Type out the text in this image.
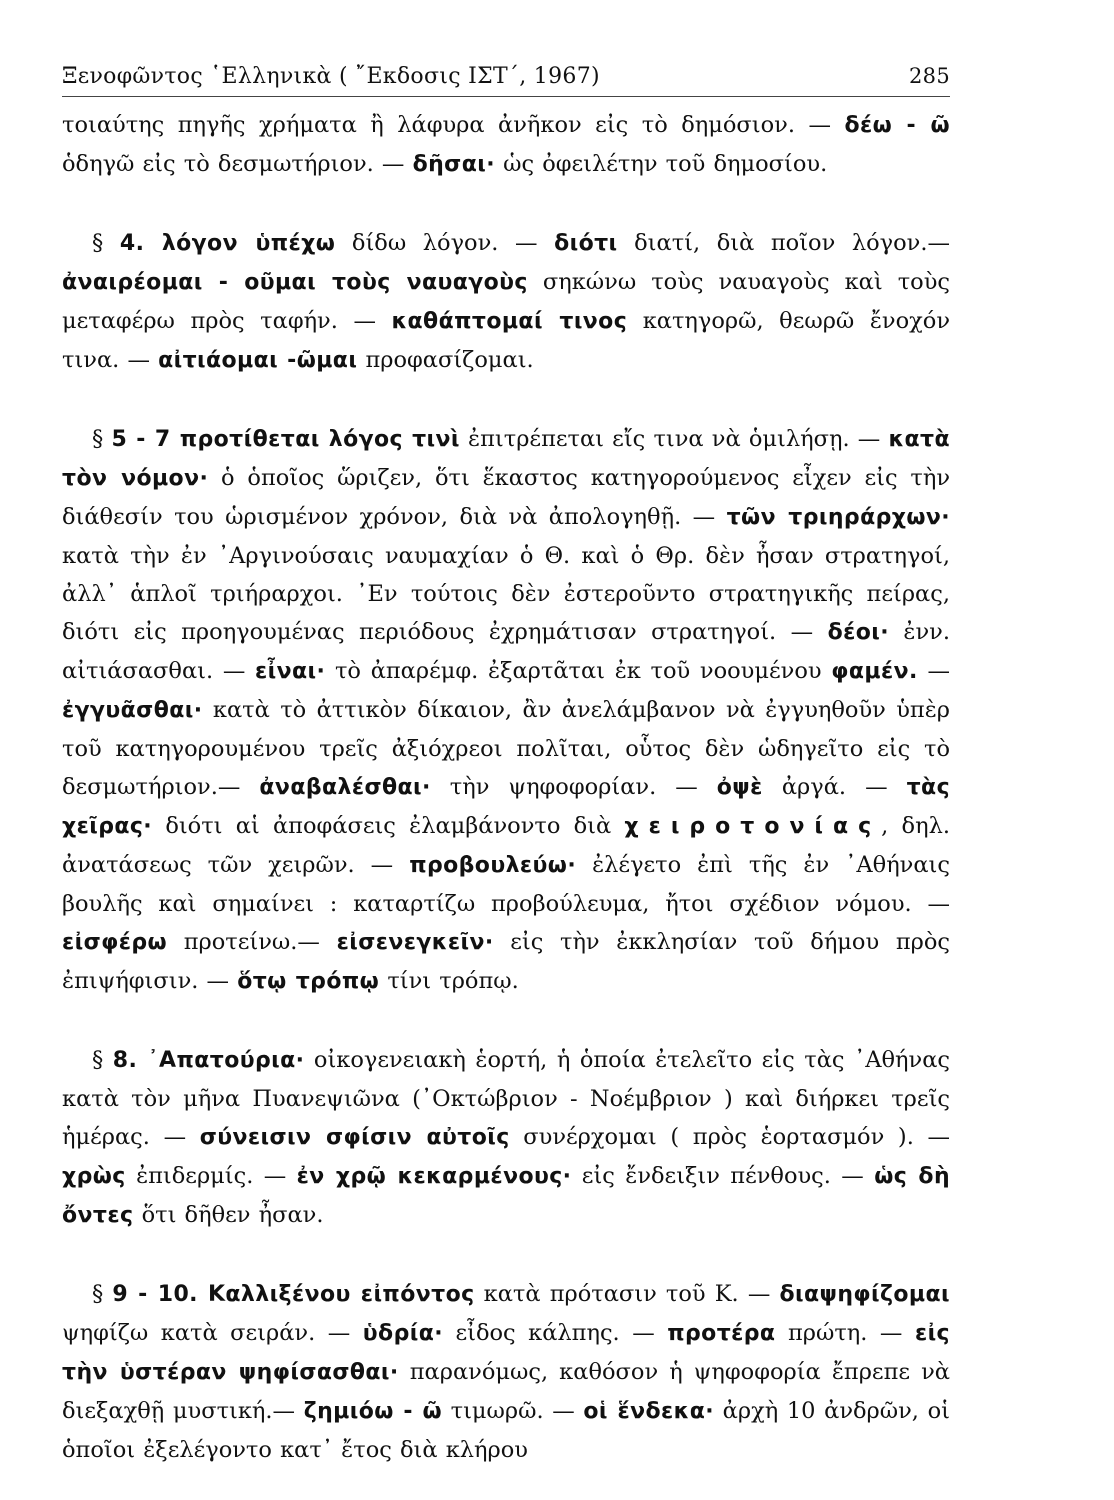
Ξενοφῶντος ῾Ελληνικὰ ( ῎Εκδοσις ΙΣΤ΄, 1967)	285

τοιαύτης πηγῆς χρήματα ἢ λάφυρα ἀνῆκον εἰς τὸ δημόσιον. — δέω - ῶ ὁδηγῶ εἰς τὸ δεσμωτήριον. — δῆσαι· ὡς ὀφειλέτην τοῦ δημοσίου.

§ 4. λόγον ὑπέχω δίδω λόγον. — διότι διατί, διὰ ποῖον λόγον.—ἀναιρέομαι - οῦμαι τοὺς ναυαγοὺς σηκώνω τοὺς ναυαγοὺς καὶ τοὺς μεταφέρω πρὸς ταφήν. — καθάπτομαί τινος κατηγορῶ, θεωρῶ ἔνοχόν τινα. — αἰτιάομαι -ῶμαι προφασίζομαι.

§ 5 - 7 προτίθεται λόγος τινὶ ἐπιτρέπεται εἴς τινα νὰ ὁμιλήσῃ. — κατὰ τὸν νόμον· ὁ ὁποῖος ὥριζεν, ὅτι ἕκαστος κατηγορούμενος εἶχεν εἰς τὴν διάθεσίν του ὡρισμένον χρόνον, διὰ νὰ ἀπολογηθῇ. — τῶν τριηράρχων· κατὰ τὴν ἐν ᾽Αργινούσαις ναυμαχίαν ὁ Θ. καὶ ὁ Θρ. δὲν ἦσαν στρατηγοί, ἀλλ᾽ ἁπλοῖ τριήραρχοι. ᾽Εν τούτοις δὲν ἐστεροῦντο στρατηγικῆς πείρας, διότι εἰς προηγουμένας περιόδους ἐχρημάτισαν στρατηγοί. — δέοι· ἐνν. αἰτιάσασθαι. — εἶναι· τὸ ἀπαρέμφ. ἐξαρτᾶται ἐκ τοῦ νοουμένου φαμέν. — ἐγγυᾶσθαι· κατὰ τὸ ἀττικὸν δίκαιον, ἂν ἀνελάμβανον νὰ ἐγγυηθοῦν ὑπὲρ τοῦ κατηγορουμένου τρεῖς ἀξιόχρεοι πολῖται, οὗτος δὲν ὡδηγεῖτο εἰς τὸ δεσμωτήριον.— ἀναβαλέσθαι· τὴν ψηφοφορίαν. — ὀψὲ ἀργά. — τὰς χεῖρας· διότι αἱ ἀποφάσεις ἐλαμβάνοντο διὰ χειροτονίας, δηλ. ἀνατάσεως τῶν χειρῶν. — προβουλεύω· ἐλέγετο ἐπὶ τῆς ἐν ᾽Αθήναις βουλῆς καὶ σημαίνει : καταρτίζω προβούλευμα, ἤτοι σχέδιον νόμου. — εἰσφέρω προτείνω.— εἰσενεγκεῖν· εἰς τὴν ἐκκλησίαν τοῦ δήμου πρὸς ἐπιψήφισιν. — ὅτῳ τρόπῳ τίνι τρόπῳ.

§ 8. ᾽Απατούρια· οἰκογενειακὴ ἑορτή, ἡ ὁποία ἐτελεῖτο εἰς τὰς ᾽Αθήνας κατὰ τὸν μῆνα Πυανεψιῶνα (᾽Οκτώβριον - Νοέμβριον ) καὶ διήρκει τρεῖς ἡμέρας. — σύνεισιν σφίσιν αὐτοῖς συνέρχομαι ( πρὸς ἑορτασμόν ). — χρὼς ἐπιδερμίς. — ἐν χρῷ κεκαρμένους· εἰς ἔνδειξιν πένθους. — ὡς δὴ ὄντες ὅτι δῆθεν ἦσαν.

§ 9 - 10. Καλλιξένου εἰπόντος κατὰ πρότασιν τοῦ Κ. — διαψηφίζομαι ψηφίζω κατὰ σειράν. — ὑδρία· εἶδος κάλπης. — προτέρα πρώτη. — εἰς τὴν ὑστέραν ψηφίσασθαι· παρανόμως, καθόσον ἡ ψηφοφορία ἔπρεπε νὰ διεξαχθῇ μυστική.— ζημιόω - ῶ τιμωρῶ. — οἱ ἕνδεκα· ἀρχὴ 10 ἀνδρῶν, οἱ ὁποῖοι ἐξελέγοντο κατ᾽ ἔτος διὰ κλήρου
